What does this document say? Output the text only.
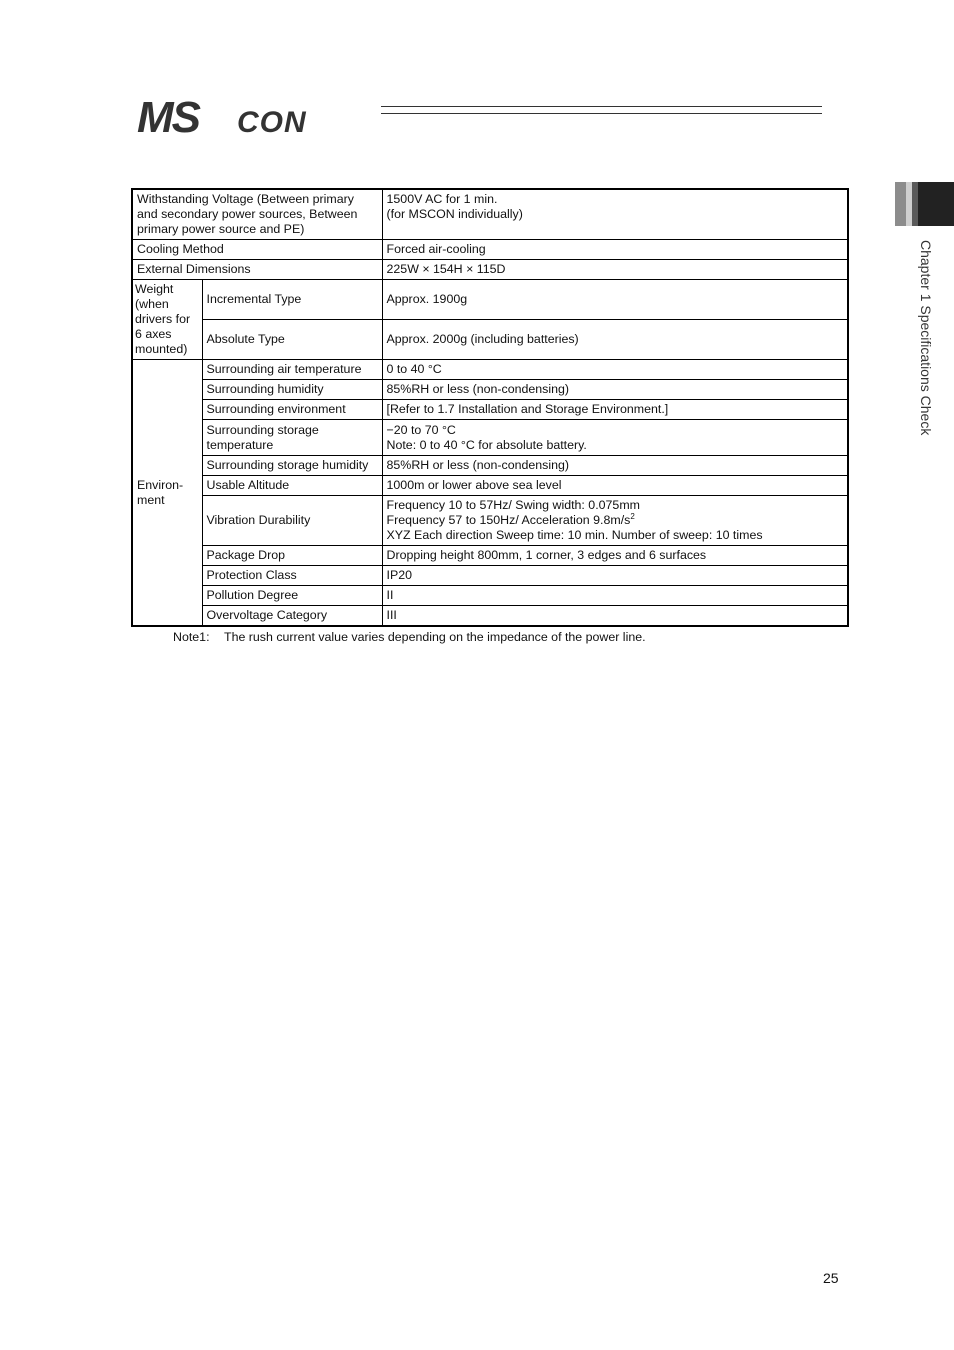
MS CON
Chapter 1 Specifications Check
Withstanding Voltage (Between primary and secondary power sources, Between primary power source and PE)		1500V AC for 1 min.
(for MSCON individually)
Cooling Method		Forced air-cooling
External Dimensions		225W × 154H × 115D
Weight (when drivers for 6 axes mounted)	Incremental Type	Approx. 1900g
	Absolute Type	Approx. 2000g (including batteries)
Environ-
ment	Surrounding air temperature	0 to 40 °C
	Surrounding humidity	85%RH or less (non-condensing)
	Surrounding environment	[Refer to 1.7 Installation and Storage Environment.]
	Surrounding storage temperature	−20 to 70 °C
Note: 0 to 40 °C for absolute battery.
	Surrounding storage humidity	85%RH or less (non-condensing)
	Usable Altitude	1000m or lower above sea level
	Vibration Durability	Frequency 10 to 57Hz/ Swing width: 0.075mm
Frequency 57 to 150Hz/ Acceleration $9.8m/s^2$
XYZ Each direction Sweep time: 10 min. Number of sweep: 10 times

	Package Drop	Dropping height 800mm, 1 corner, 3 edges and 6 surfaces
	Protection Class	IP20
	Pollution Degree	II
	Overvoltage Category	III
Note1: The rush current value varies depending on the impedance of the power line.
25
